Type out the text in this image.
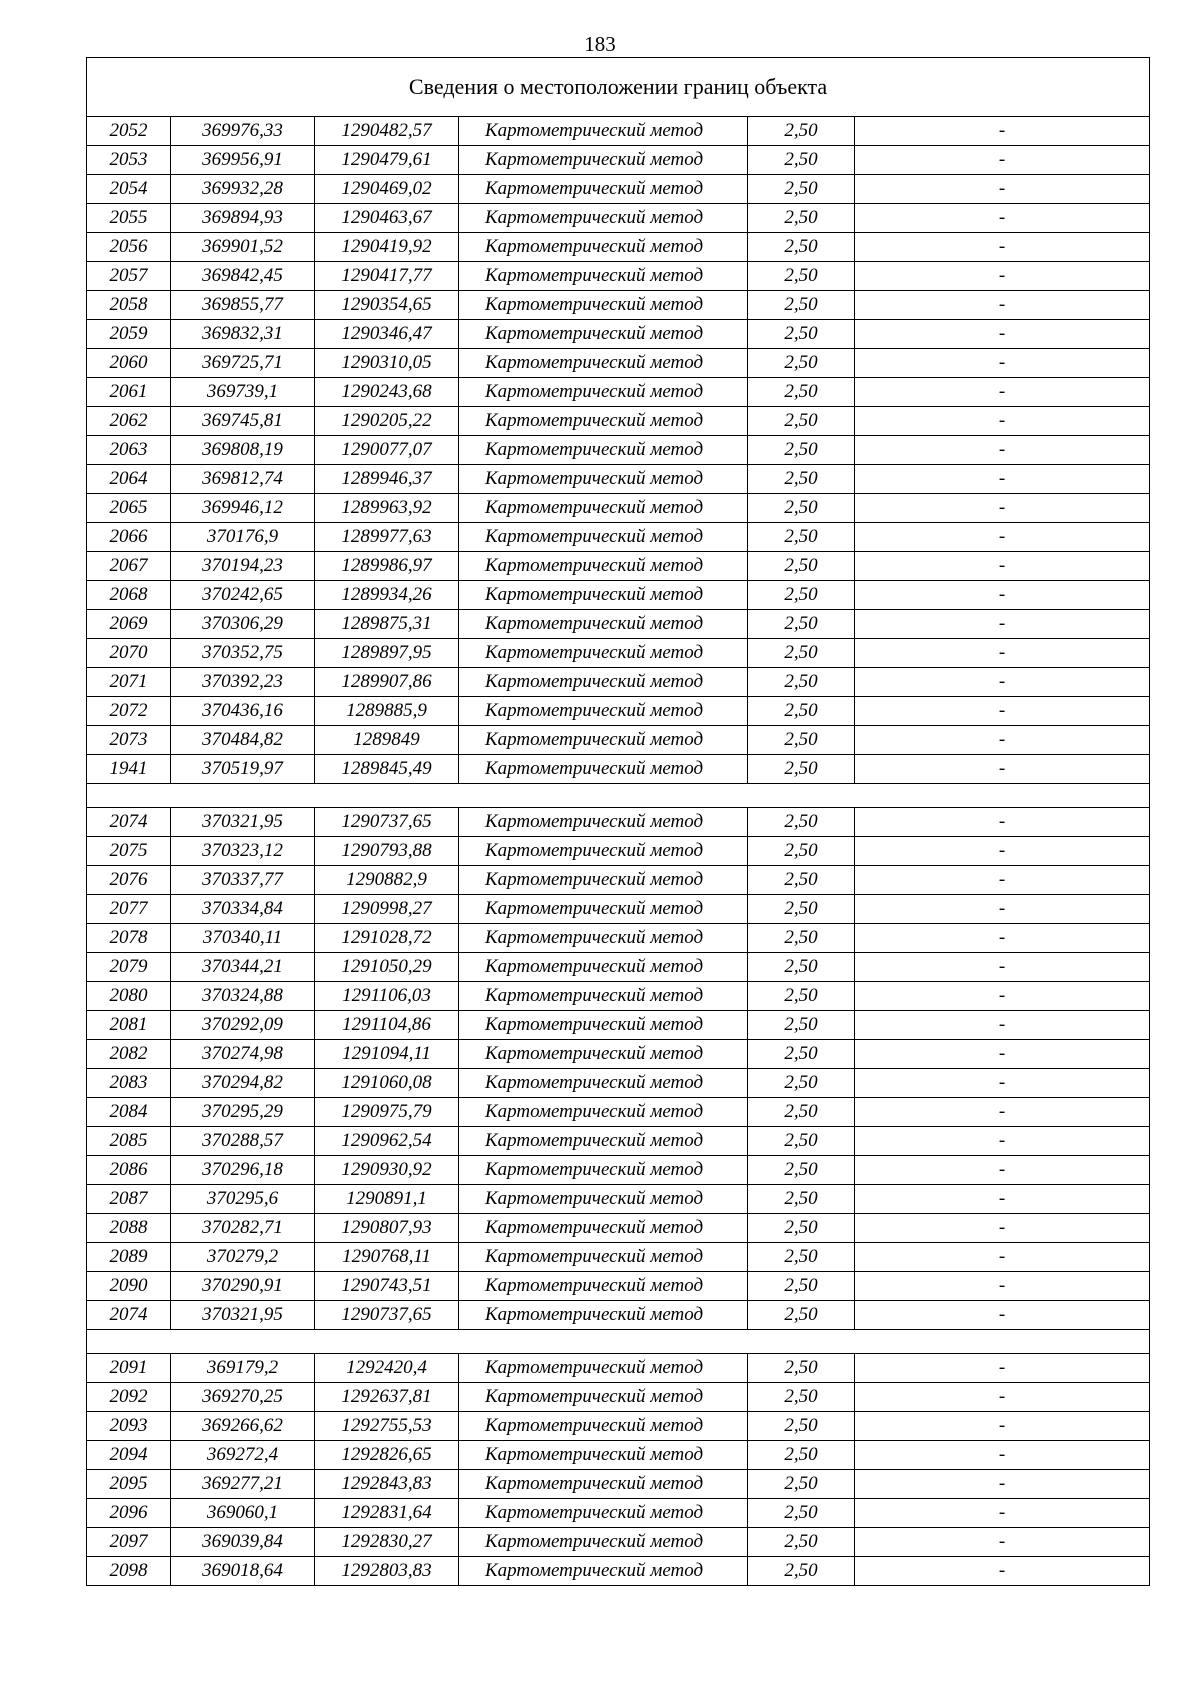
183
Сведения о местоположении границ объекта					
2052	369976,33	1290482,57	Картометрический метод	2,50	-
2053	369956,91	1290479,61	Картометрический метод	2,50	-
2054	369932,28	1290469,02	Картометрический метод	2,50	-
2055	369894,93	1290463,67	Картометрический метод	2,50	-
2056	369901,52	1290419,92	Картометрический метод	2,50	-
2057	369842,45	1290417,77	Картометрический метод	2,50	-
2058	369855,77	1290354,65	Картометрический метод	2,50	-
2059	369832,31	1290346,47	Картометрический метод	2,50	-
2060	369725,71	1290310,05	Картометрический метод	2,50	-
2061	369739,1	1290243,68	Картометрический метод	2,50	-
2062	369745,81	1290205,22	Картометрический метод	2,50	-
2063	369808,19	1290077,07	Картометрический метод	2,50	-
2064	369812,74	1289946,37	Картометрический метод	2,50	-
2065	369946,12	1289963,92	Картометрический метод	2,50	-
2066	370176,9	1289977,63	Картометрический метод	2,50	-
2067	370194,23	1289986,97	Картометрический метод	2,50	-
2068	370242,65	1289934,26	Картометрический метод	2,50	-
2069	370306,29	1289875,31	Картометрический метод	2,50	-
2070	370352,75	1289897,95	Картометрический метод	2,50	-
2071	370392,23	1289907,86	Картометрический метод	2,50	-
2072	370436,16	1289885,9	Картометрический метод	2,50	-
2073	370484,82	1289849	Картометрический метод	2,50	-
1941	370519,97	1289845,49	Картометрический метод	2,50	-

2074	370321,95	1290737,65	Картометрический метод	2,50	-
2075	370323,12	1290793,88	Картометрический метод	2,50	-
2076	370337,77	1290882,9	Картометрический метод	2,50	-
2077	370334,84	1290998,27	Картометрический метод	2,50	-
2078	370340,11	1291028,72	Картометрический метод	2,50	-
2079	370344,21	1291050,29	Картометрический метод	2,50	-
2080	370324,88	1291106,03	Картометрический метод	2,50	-
2081	370292,09	1291104,86	Картометрический метод	2,50	-
2082	370274,98	1291094,11	Картометрический метод	2,50	-
2083	370294,82	1291060,08	Картометрический метод	2,50	-
2084	370295,29	1290975,79	Картометрический метод	2,50	-
2085	370288,57	1290962,54	Картометрический метод	2,50	-
2086	370296,18	1290930,92	Картометрический метод	2,50	-
2087	370295,6	1290891,1	Картометрический метод	2,50	-
2088	370282,71	1290807,93	Картометрический метод	2,50	-
2089	370279,2	1290768,11	Картометрический метод	2,50	-
2090	370290,91	1290743,51	Картометрический метод	2,50	-
2074	370321,95	1290737,65	Картометрический метод	2,50	-

2091	369179,2	1292420,4	Картометрический метод	2,50	-
2092	369270,25	1292637,81	Картометрический метод	2,50	-
2093	369266,62	1292755,53	Картометрический метод	2,50	-
2094	369272,4	1292826,65	Картометрический метод	2,50	-
2095	369277,21	1292843,83	Картометрический метод	2,50	-
2096	369060,1	1292831,64	Картометрический метод	2,50	-
2097	369039,84	1292830,27	Картометрический метод	2,50	-
2098	369018,64	1292803,83	Картометрический метод	2,50	-
